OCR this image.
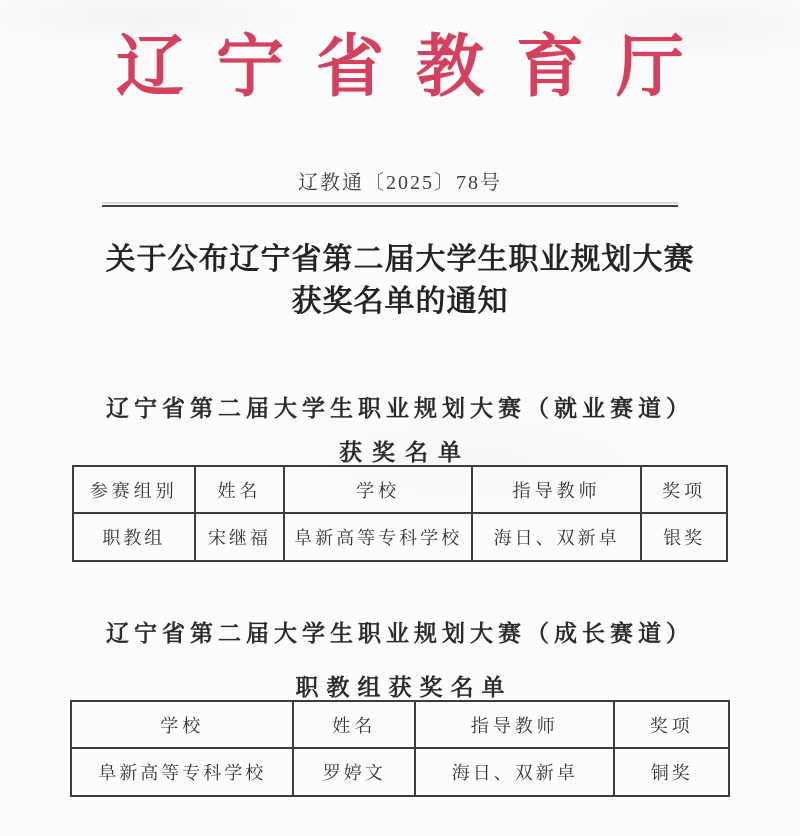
辽宁省教育厅
辽教通〔2025〕78号
关于公布辽宁省第二届大学生职业规划大赛
获奖名单的通知
辽宁省第二届大学生职业规划大赛（就业赛道）
获奖名单
参赛组别	姓名	学校	指导教师	奖项
职教组	宋继福	阜新高等专科学校	海日、双新卓	银奖
辽宁省第二届大学生职业规划大赛（成长赛道）
职教组获奖名单
学校	姓名	指导教师	奖项
阜新高等专科学校	罗婷文	海日、双新卓	铜奖
